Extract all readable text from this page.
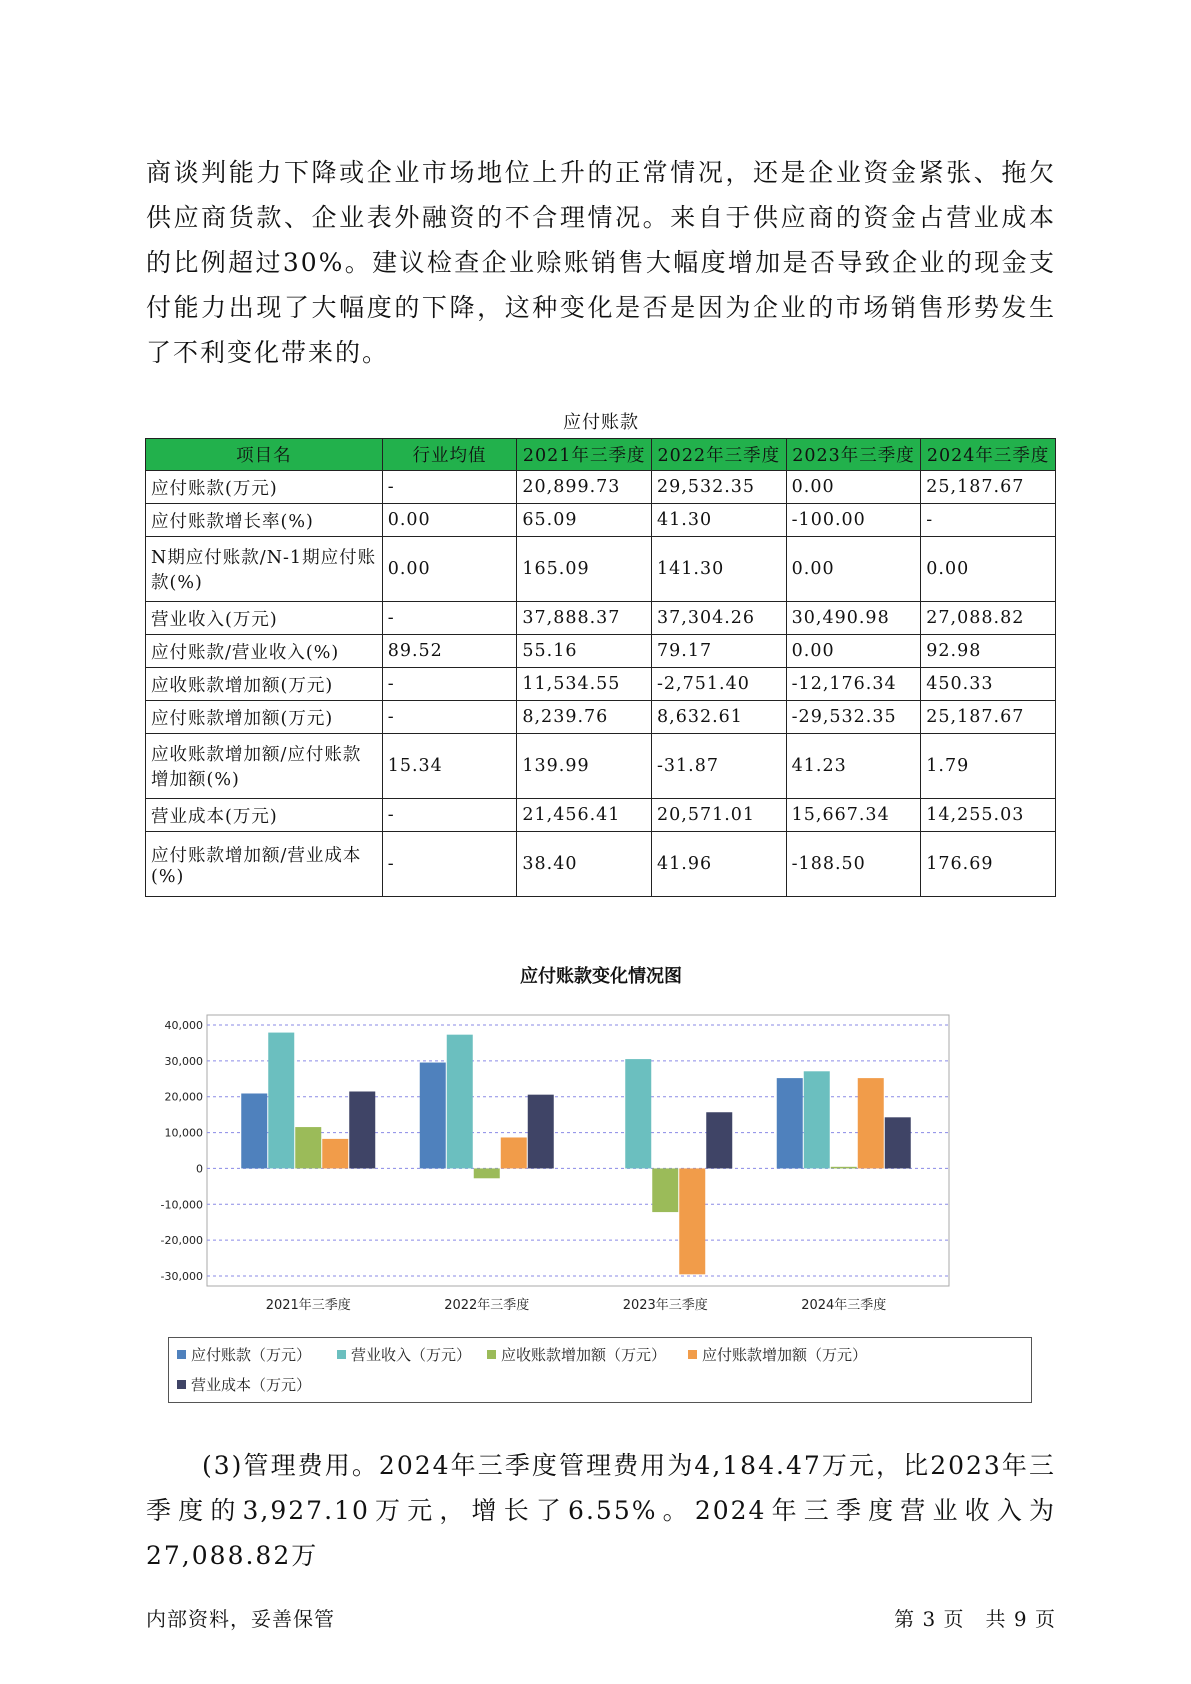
商谈判能力下降或企业市场地位上升的正常情况，还是企业资金紧张、拖欠供应商货款、企业表外融资的不合理情况。来自于供应商的资金占营业成本的比例超过30%。建议检查企业赊账销售大幅度增加是否导致企业的现金支付能力出现了大幅度的下降，这种变化是否是因为企业的市场销售形势发生了不利变化带来的。
应付账款
项目名	行业均值	2021年三季度	2022年三季度	2023年三季度	2024年三季度
应付账款(万元)	-	20,899.73	29,532.35	0.00	25,187.67
应付账款增长率(%)	0.00	65.09	41.30	-100.00	-
N期应付账款/N-1期应付账款(%)	0.00	165.09	141.30	0.00	0.00
营业收入(万元)	-	37,888.37	37,304.26	30,490.98	27,088.82
应付账款/营业收入(%)	89.52	55.16	79.17	0.00	92.98
应收账款增加额(万元)	-	11,534.55	-2,751.40	-12,176.34	450.33
应付账款增加额(万元)	-	8,239.76	8,632.61	-29,532.35	25,187.67
应收账款增加额/应付账款增加额(%)	15.34	139.99	-31.87	41.23	1.79
营业成本(万元)	-	21,456.41	20,571.01	15,667.34	14,255.03
应付账款增加额/营业成本(%)	-	38.40	41.96	-188.50	176.69
应付账款变化情况图
40,000
30,000
20,000
10,000
0
-10,000
-20,000
-30,000
2021年三季度	2022年三季度	2023年三季度	2024年三季度
应付账款（万元）	营业收入（万元） 应收账款增加额（万元） 应付账款增加额（万元）
营业成本（万元）
(3)管理费用。2024年三季度管理费用为4,184.47万元，比2023年三季度的3,927.10万元，增长了6.55%。2024年三季度营业收入为27,088.82万
内部资料，妥善保管	第 3 页　共 9 页
